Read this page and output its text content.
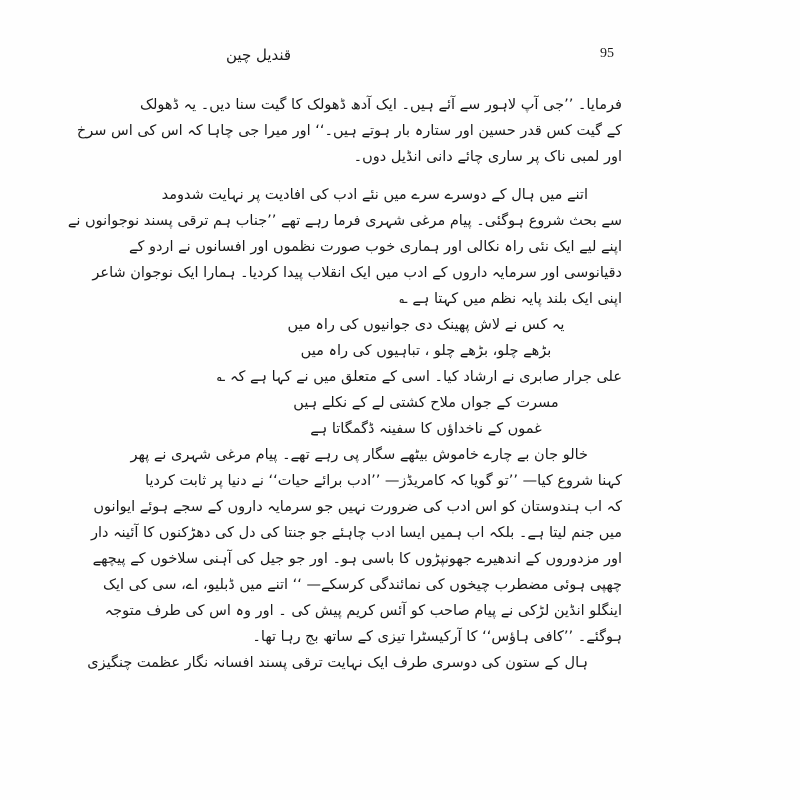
قندیل چین	95
فرمایا۔ ’’جی آپ لاہور سے آئے ہیں۔ ایک آدھ ڈھولک کا گیت سنا دیں۔ یہ ڈھولک
کے گیت کس قدر حسین اور ستارہ بار ہوتے ہیں۔‘‘ اور میرا جی چاہا کہ اس کی اس سرخ
اور لمبی ناک پر ساری چائے دانی انڈیل دوں۔
اتنے میں ہال کے دوسرے سرے میں نئے ادب کی افادیت پر نہایت شدومد
سے بحث شروع ہوگئی۔ پیام مرغی شہری فرما رہے تھے ’’جناب ہم ترقی پسند نوجوانوں نے
اپنے لیے ایک نئی راہ نکالی اور ہماری خوب صورت نظموں اور افسانوں نے اردو کے
دقیانوسی اور سرمایہ داروں کے ادب میں ایک انقلاب پیدا کردیا۔ ہمارا ایک نوجوان شاعر
اپنی ایک بلند پایہ نظم میں کہتا ہے ؎
یہ کس نے لاش پھینک دی جوانیوں کی راہ میں
بڑھے چلو، بڑھے چلو ، تباہیوں کی راہ میں
علی جرار صابری نے ارشاد کیا۔ اسی کے متعلق میں نے کہا ہے کہ ؎
مسرت کے جواں ملاح کشتی لے کے نکلے ہیں
غموں کے ناخداؤں کا سفینہ ڈگمگاتا ہے
خالو جان بے چارے خاموش بیٹھے سگار پی رہے تھے۔ پیام مرغی شہری نے پھر
کہنا شروع کیا— ’’تو گویا کہ کامریڈز— ’’ادب برائے حیات‘‘ نے دنیا پر ثابت کردیا
کہ اب ہندوستان کو اس ادب کی ضرورت نہیں جو سرمایہ داروں کے سجے ہوئے ایوانوں
میں جنم لیتا ہے۔ بلکہ اب ہمیں ایسا ادب چاہئے جو جنتا کی دل کی دھڑکنوں کا آئینہ دار
اور مزدوروں کے اندھیرے جھونپڑوں کا باسی ہو۔ اور جو جیل کی آہنی سلاخوں کے پیچھے
چھپی ہوئی مضطرب چیخوں کی نمائندگی کرسکے— ‘‘ اتنے میں ڈبلیو، اے، سی کی ایک
اینگلو انڈین لڑکی نے پیام صاحب کو آئس کریم پیش کی ۔ اور وہ اس کی طرف متوجہ
ہوگئے۔ ’’کافی ہاؤس‘‘ کا آرکیسٹرا تیزی کے ساتھ بج رہا تھا۔
ہال کے ستون کی دوسری طرف ایک نہایت ترقی پسند افسانہ نگار عظمت چنگیزی
